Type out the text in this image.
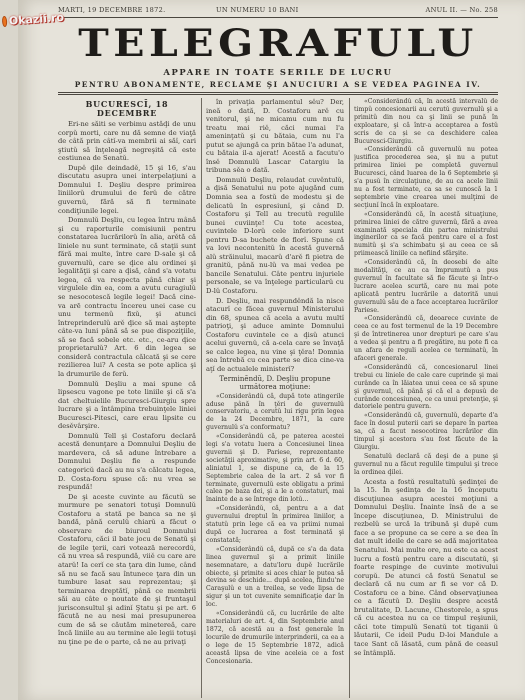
Okazii.ro
MARTI, 19 DECEMBRE 1872.	UN NUMERU 10 BANI	ANUL II. — No. 258
TELEGRAFULU
APPARE IN TOATE SERILE DE LUCRU
PENTRU ABONAMENTE, RECLAME ŞI ANUCIURI A SE VEDEA PAGINEA IV.
BUCURESCĪ, 18 DECEMBRE

Eri-ne săiti se verbimu astăḑi de unu corpŭ morti, care nu dă semne de viaţă de câtă prin câtĭ-va membrii ai săĭ, cari ştiutŭ să înţeleagă negreşită că este cestiunea de Senatŭ.

Dupĕ ḑile deindadĕ, 15 şi 16, s'au discutatu asupra unei interpelaţiuni a Domnului I. Deşliu despre primirea liniilorŭ drumului de ferŭ de către guvernŭ, fără să fi terminate condiţiunile legei.

Domnulŭ Deşliu, cu legea întru mână şi cu raporturile comisiunii pentru constatarea lucrărilorŭ în alia, arĕtă că liniele nu sunt terminate, că staţii sunt fără mai multe, între care D-sale şi că guvernulŭ, care se ḑice alu ordinei şi legalităţii şi care a ḑisă, când s'a votatu legea, că va respecta până chiar şi virgulele din ea, com a avutu curagiulŭ se nesocotescă legile legei! Dacă cine-va arē contractu încereu unei case cu unu termenŭ fixŭ, şi atunci întreprinderulŭ arĕ ḑice să mai aştepte câte-va luni până să se pue dispoziţiile, să se facă sobele etc. etc., ce-aru ḑice proprietarulŭ? Art. 6 din legea se consideră contractula călcată şi se cere rezilierea lui? A cesta se pote aplica şi la drumurile de ferŭ.

Domnulŭ Deşliu a mai spune că lipsescu vagone pe tote liniile şi că s'a dat cheltuielile Bucuresci-Giurgiu spre lucrare şi a întâmpina trebuinţele liniei Bucuresci-Pitesci, care erau lipsite cu desĕvârşire.

Domnulŭ Tell şi Costaforu declară acestă denunţare a Domnului Deşliu de mardevera, că să adune întrebare a Domnului Deşliu fie a respunde categoricŭ dacă au nu s'a călcatu legea, D. Costa-foru spuse că: nu vrea se respundă!

De şi aceste cuvinte au făcutŭ se murmure pe senatori totuşi Domnulŭ Costaforu a stată pe banca sa ne şi bandă, până cerulŭ chiarŭ a făcut o observare de biuroul Domnului Costaforu, căci il bate jocu de Senatŭ şi de legile ţerii, cari voteazā nerecordŭ, că nu vrea să respundă, viiĕ cu care are atarŭ! Ia cerĭ ce sta ţara din lume, când să nu se facă sau întunece ţara din un tumbure lasat sau reprezentau; şi terminarea dreptătĭ, până ce membrii săi au câte o noutate de şi fruntaşul jurisconsultul şi adinĭ Ştatu şi pe art. 6 făcută ne au nesi mai presupunerea cum de să se căutăm minetereă, care încă liniile au au termine ale legii totuşi nu ţine pe de o parte, că ne au privaţi

în privaţia parlamentul sĕu? Der, ineă o dată, D. Costaforu arĕ cu venitorul, şi ne micamu cum nu fu treatu mai riĕ, căci numai l'a ameninţatŭ şi cu bătaia, cum nu l'a putut se ajungă ca prin bătae l'a adunat, cu bătaia il-a ajerat! Acestă a facutu'o însĕ Domnulŭ Lascar Catargiu la tribuna sĕa o dată.

Domnulŭ Deşliu, relaudat cuvĕntulŭ, a ḑisă Senatului nu pote ajugănd cum Domnia sea a fostŭ de modestu şi de delicatŭ în espresiunĭ, şi când D. Costaforu şi Tell au trecutŭ regulile bunei cuviinţe! Cu tote acestea, cuvintele D-lorŭ cele inferiore sunt pentru D-sa buchete de florĭ. Spune că va lovi necontenitŭ în acestă guvernă alŭ străinului, macarŭ d'arĕ fi pietra de granitŭ, până nu-lŭ va mai vedea pe bancile Senatului. Câte pentru injuriele personale, se va înţelege particularŭ cu D-lŭ Costaforu.

D. Deşliu, mai respundĕndă la nisce atacurĭ ce făcea guvernul Ministerului din 68, spunea că acela a avutu multĭ patrioţi, şi aduce aminte Domnului Costaforu cuvintele ce a ḑisŭ atunci acelui guvernŭ, că a-cela care se învaţă se calce legea, nu vine şi ţĕra! Domnia sea întrebă cu cea parte se dica cine-va aţĭ de actualele ministerĭ?

Terminĕndŭ, D. Deşliu propune următorea moţiune:

«Considerândŭ că, după tote atingerile aduse până în ţĕri de guvernulŭ conservatoriu, a cerutŭ lui rigu prin legea de la 24 Decembre, 1871, la care guvernulŭ s'a conformatu?

«Considerândŭ că, pe paterea acestei legi s'a votatu luera a Concesiunei linea guvernii şi D. Pariese, reprezentante societăţii aproximative, şi prin art. 6 d. 60, aliniatul 1, se dispune ca, de la 15 Septembrie calea de la art. 2 să vor fi terminate, guvernulŭ este obligatu a primi calea pe baza dei, şi a le a constaturi, mai înainte de a se întrege din lotŭ...

«Considerândŭ, că, pentru a a dat guvernului dreptul în primirea liniilor, a statutŭ prin lege că ea va priimi numai după ce lucrarea a fost terminată şi constatată;

«Considerândŭ că, după ce s'a da data linea guvernul şi a primit liniile nesemnatare, a datu'loru dupĕ lucrările obiecte, şi primite si aces chiar le putea să devina se deschide... după acelea, fiindu'ne Caraşulŭ e un a treilea, se vede lipsa de sigur şi un tot cuvenite semnificaţie dar în loc.

«Considerândŭ că, cu lucrările de alte materialuri de art. 4, din Septembrie anul 1872, că acestă au a fost generale în locurile de drumurile interprinderii, ca ea a o lege de 15 Septembrie 1872, adică această lipsa de vine aceleia ce a fost Concesionaria.

«Considerândŭ că, în acestă intervalŭ de timpŭ concesionarii au cerutŭ guvernulŭ şi a primitŭ din nou ca şi linii se pună în exploatare, şi că într-a acceptarea a fostŭ scris de ca și se ca deschidere calea Bucuresci-Giurgiu.

«Considerândŭ că guvernulŭ nu potea justifica procederea sea, şi nu a putut primirea liniei pe completă guvernul Bucuresci, când luarea de la 6 Septembrie şi s'a pusŭ în circulaţiune, de au ca acele linii nu a fost terminate, ca sa se cunoscă la 1 septembrie vine crearea unei mulţimi de secţiunĭ încă în exploatare.

«Considerândŭ că, în acestă situaţiune, primirea liniei de către guvernŭ, fără a avea examinată speciala din partea ministrului inginerilor ca se facă pentru care el a fost numitŭ şi s'a schimbatu şi au ceea ce să priimească liniile ca nefiind sfârşite.

«Considerândŭ că, în deosebi de alte modalităţi, ce au ca împrumutŭ a pus guvernul în facultate să fie făcute şi într-o lucrare acelea scurtă, care nu mai pote aplicată pentru lucrările a datorită unui guvernulŭ său de a face acceptarea lucrărilor Pariese.

«Considerândŭ că, deoarece cuvinte de ceea ce au fost termenul de la 19 Decembre şi de întretinerea unor drepturi pe care s'au a vedea şi pentru a fi pregătire, nu pote fi ca un afara de reguli acelea ce terminatŭ, în afaceri generale.

«Considerândŭ că, concesionarul linei trebui cu liniele de cale care cuprinde şi mai curânde ca în lăiatea unui ceea ce să spune şi guvernul, că până şi că el a depusŭ de curânde concesiunea, ce ca unui pretenţie, şi datoriele pentru guvern.

«Considerândŭ că, guvernulŭ, departe d'a face în dosul puterii cari se depare în partea sa, că a facut nesocotirea lucrărilor din timpul şi acestora s'au fost făcute de la Giurgiu.

Senatulŭ declară că deşi de a pune şi guvernul nu a făcut regulile timpului şi trece la ordinea ḑilei.

Acesta a fostŭ resultatulŭ şedinţei de la 15. În şedinţa de la 16 începutu discuţiunea asupra acestei moţiuni a Domnului Deşliu. Înainte însă de a se începe discuţiunea, D. Ministrului de rezbelŭ se urcă la tribună şi dupĕ cum face a se propune ca se cere a se dea în dat mult ideile de care se adă majoritatea Senatului. Mai multe ore, nu este ca acest lucru a fostŭ pentru care a discutatŭ, şi foarte respinge de cuvinte motivului corupŭ. De atunci că fostŭ Senatul se declară că nu cum ar fi se vor că D. Costaforu ce a bine. Când observaţiunea ce a făcutŭ D. Deşliu despre acestă brutalitate, D. Lacune, Chestorele, a spus că cu acestea nu ca ce timpul reşiunii, căci tote timpulŭ Senatŭ tot tiganii ŭ lăutarii, Ce ideil Pudu D-loi Mandule a tace Sant că lăsată, cum până de ceasul se întâmplă.
